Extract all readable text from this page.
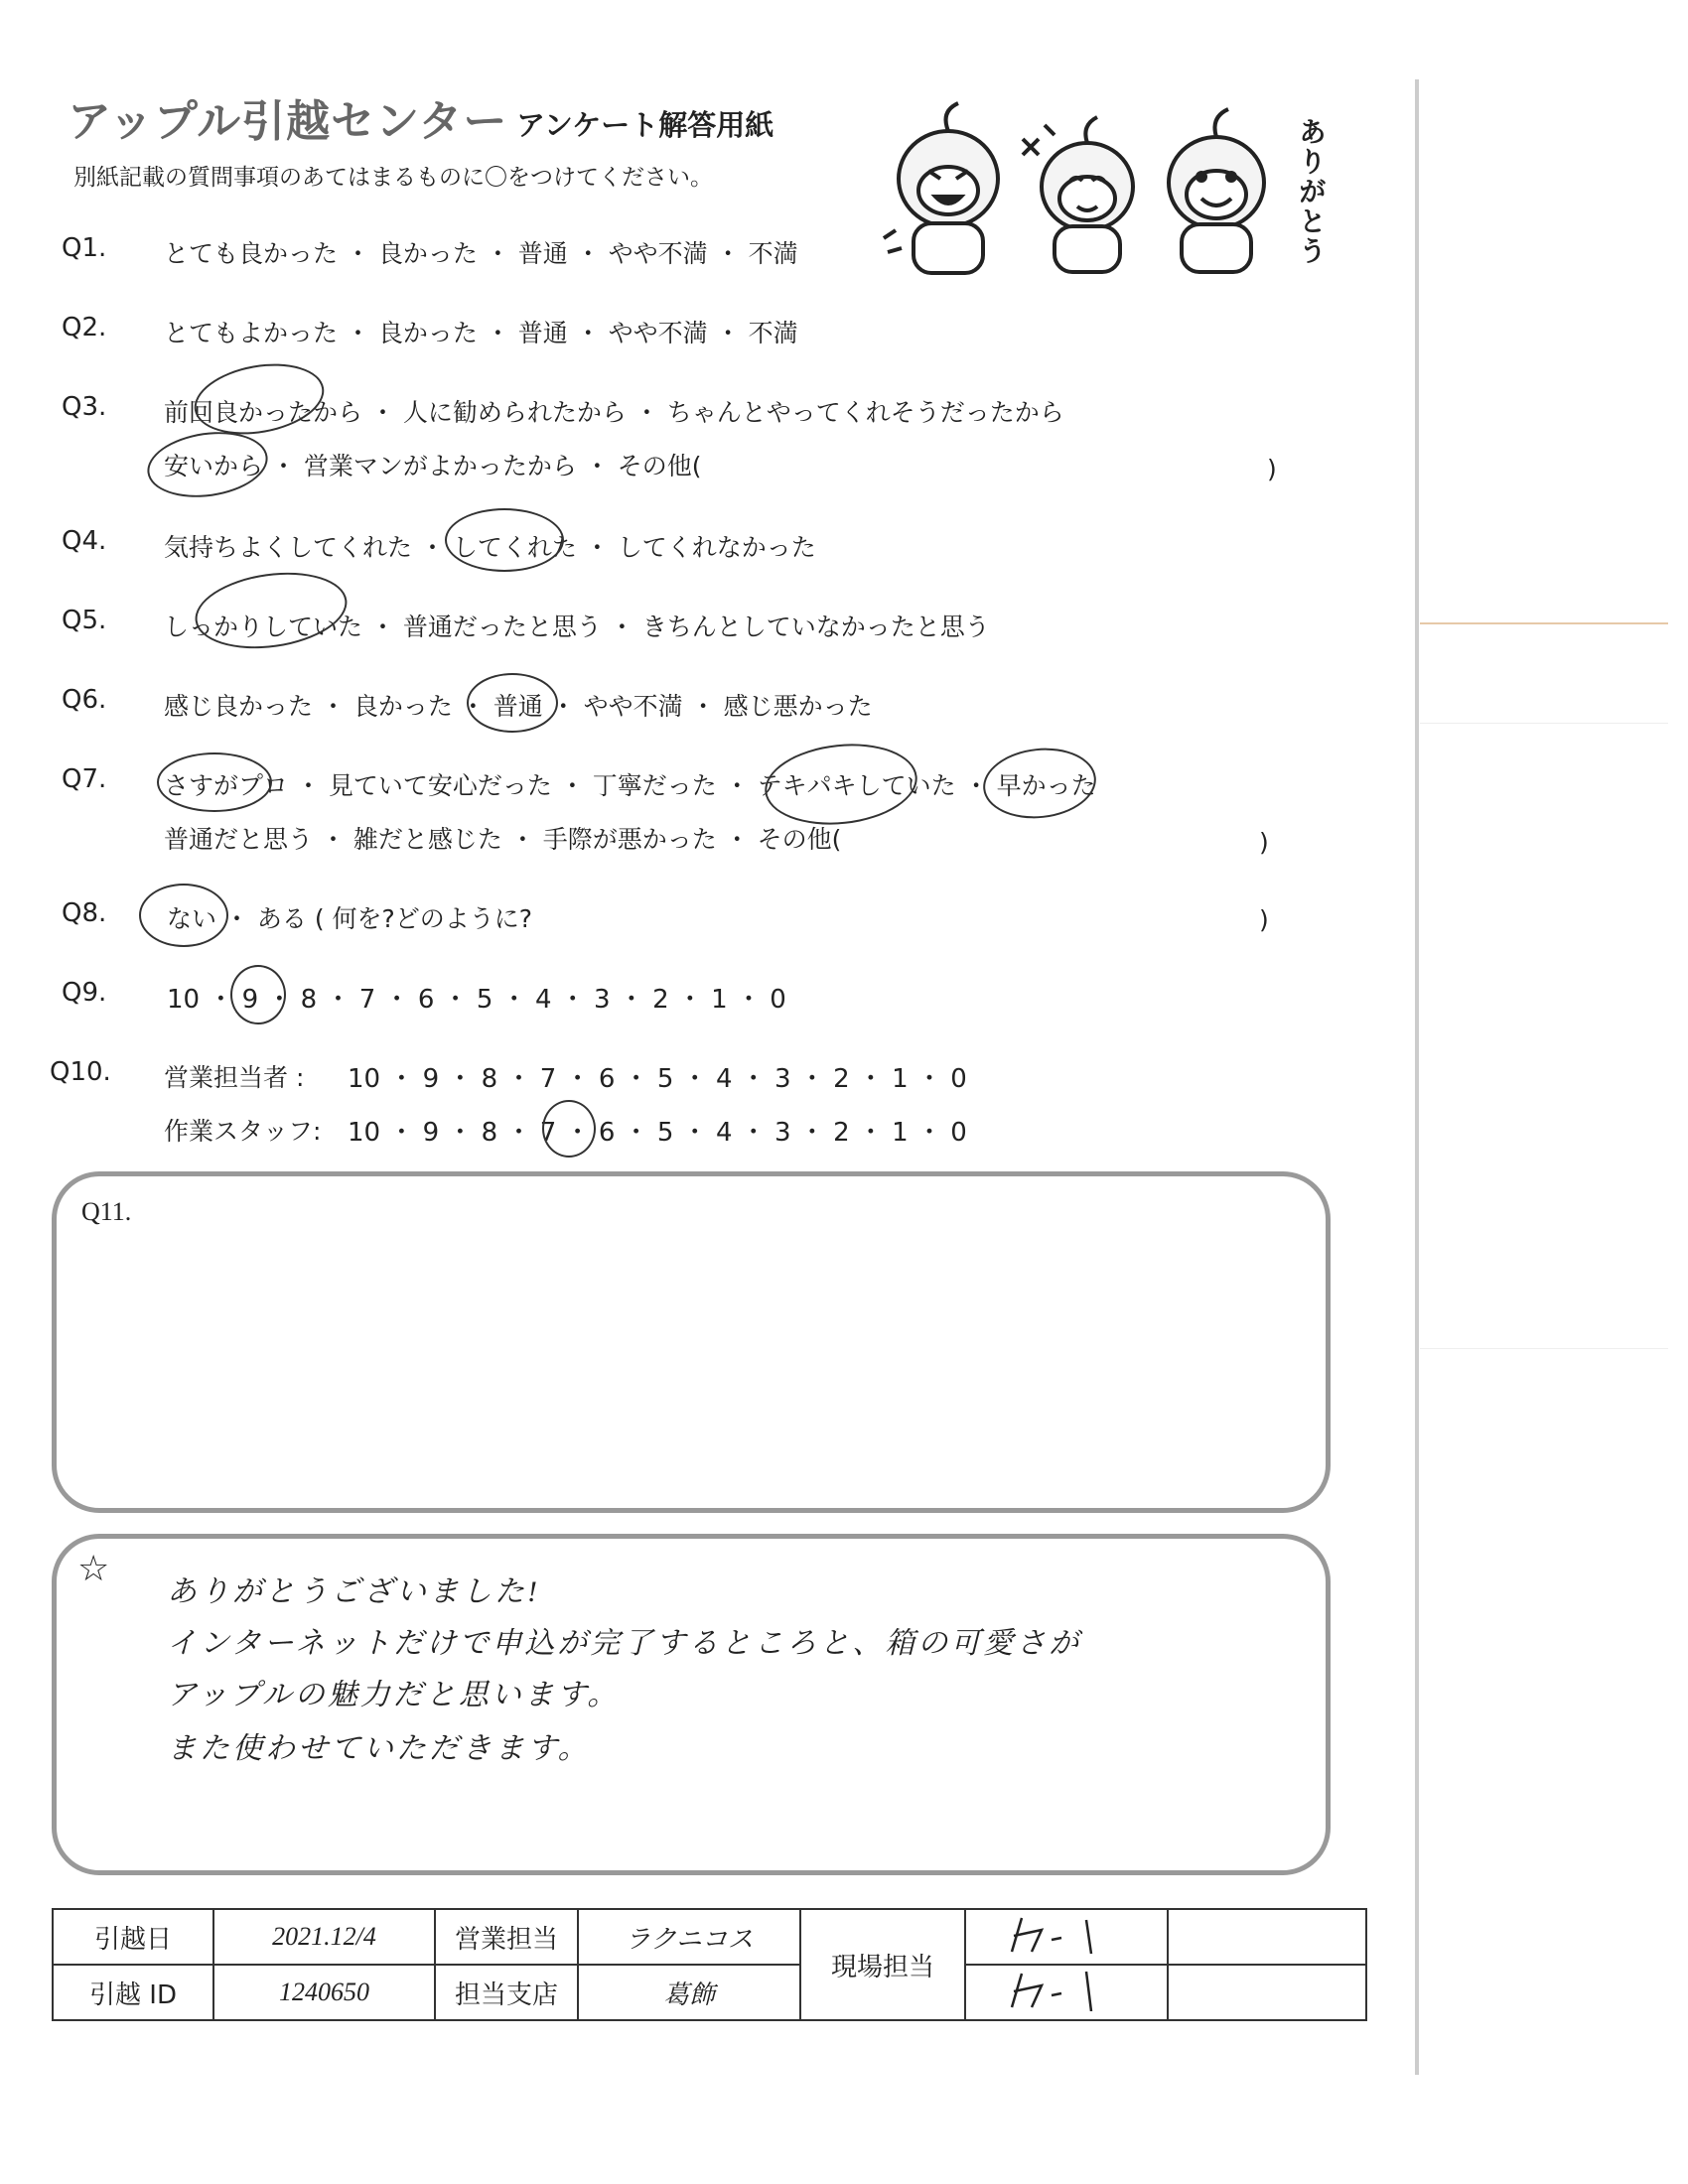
アップル引越センター アンケート解答用紙
別紙記載の質問事項のあてはまるものに〇をつけてください。	ありがとう
Q1. とても良かった ・ 良かった ・ 普通 ・ やや不満 ・ 不満
Q2. とてもよかった ・ 良かった ・ 普通 ・ やや不満 ・ 不満
Q3. 前回良かったから ・ 人に勧められたから ・ ちゃんとやってくれそうだったから
安いから ・ 営業マンがよかったから ・ その他(	)
Q4. 気持ちよくしてくれた ・ してくれた ・ してくれなかった
Q5. しっかりしていた ・ 普通だったと思う ・ きちんとしていなかったと思う
Q6. 感じ良かった ・ 良かった ・ 普通 ・ やや不満 ・ 感じ悪かった
Q7. さすがプロ ・ 見ていて安心だった ・ 丁寧だった ・ テキパキしていた ・ 早かった
普通だと思う ・ 雑だと感じた ・ 手際が悪かった ・ その他(	)
Q8. ない ・ ある ( 何を?どのように?	)
Q9. 10 ・ 9 ・ 8 ・ 7 ・ 6 ・ 5 ・ 4 ・ 3 ・ 2 ・ 1 ・ 0
Q10. 営業担当者 : 10 ・ 9 ・ 8 ・ 7 ・ 6 ・ 5 ・ 4 ・ 3 ・ 2 ・ 1 ・ 0
作業スタッフ: 10 ・ 9 ・ 8 ・ 7 ・ 6 ・ 5 ・ 4 ・ 3 ・ 2 ・ 1 ・ 0
Q11.
☆
ありがとうございました!
インターネットだけで申込が完了するところと、箱の可愛さが
アップルの魅力だと思います。
また使わせていただきます。
引越日	2021.12/4	営業担当	ラクニコス	現場担当		
引越 ID	1240650	担当支店	葛飾		
